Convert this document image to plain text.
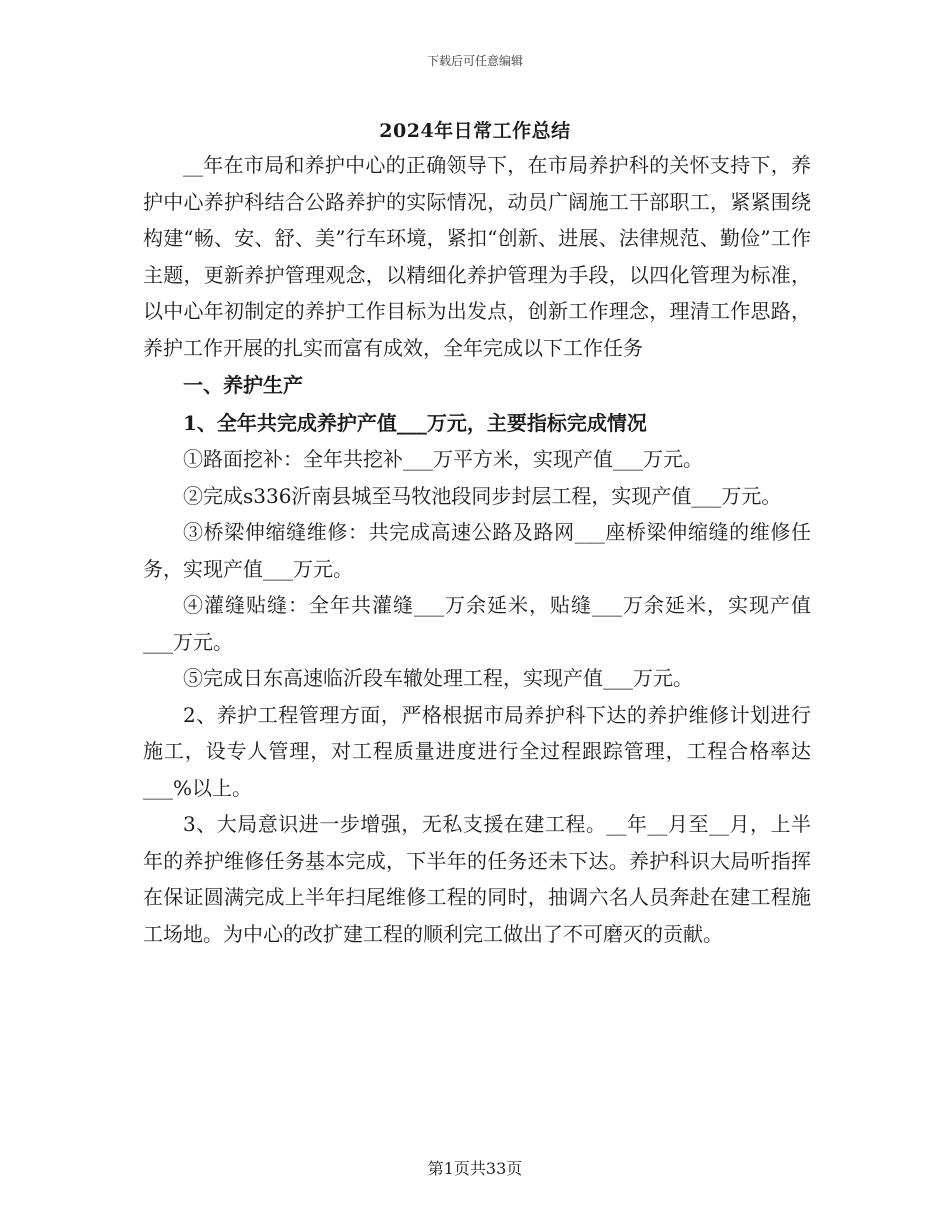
下载后可任意编辑
2024年日常工作总结

__年在市局和养护中心的正确领导下，在市局养护科的关怀支持下，养护中心养护科结合公路养护的实际情况，动员广阔施工干部职工，紧紧围绕构建“畅、安、舒、美”行车环境，紧扣“创新、进展、法律规范、勤俭”工作主题，更新养护管理观念，以精细化养护管理为手段，以四化管理为标准，以中心年初制定的养护工作目标为出发点，创新工作理念，理清工作思路，养护工作开展的扎实而富有成效，全年完成以下工作任务

一、养护生产

1、全年共完成养护产值___万元，主要指标完成情况

①路面挖补：全年共挖补___万平方米，实现产值___万元。

②完成s336沂南县城至马牧池段同步封层工程，实现产值___万元。

③桥梁伸缩缝维修：共完成高速公路及路网___座桥梁伸缩缝的维修任务，实现产值___万元。

④灌缝贴缝：全年共灌缝___万余延米，贴缝___万余延米，实现产值___万元。

⑤完成日东高速临沂段车辙处理工程，实现产值___万元。

2、养护工程管理方面，严格根据市局养护科下达的养护维修计划进行施工，设专人管理，对工程质量进度进行全过程跟踪管理，工程合格率达___%以上。

3、大局意识进一步增强，无私支援在建工程。__年__月至__月，上半年的养护维修任务基本完成，下半年的任务还未下达。养护科识大局听指挥在保证圆满完成上半年扫尾维修工程的同时，抽调六名人员奔赴在建工程施工场地。为中心的改扩建工程的顺利完工做出了不可磨灭的贡献。

第1页共33页
